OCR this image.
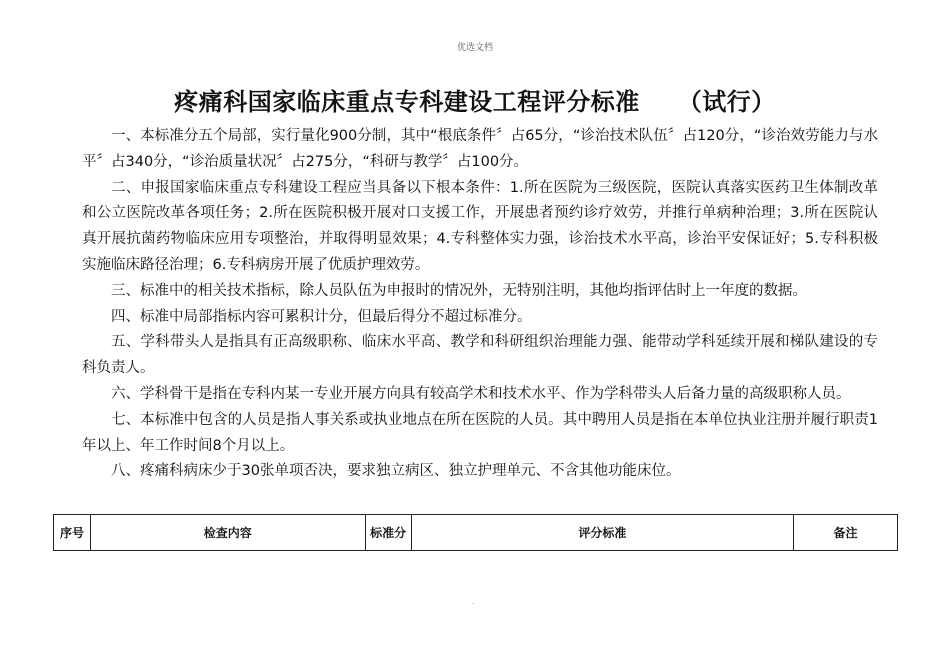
优选文档
疼痛科国家临床重点专科建设工程评分标准 （试行）

一、本标准分五个局部，实行量化900分制，其中“根底条件〞占65分，“诊治技术队伍〞占120分，“诊治效劳能力与水平〞占340分，“诊治质量状况〞占275分，“科研与教学〞占100分。

二、申报国家临床重点专科建设工程应当具备以下根本条件：1.所在医院为三级医院，医院认真落实医药卫生体制改革和公立医院改革各项任务；2.所在医院积极开展对口支援工作，开展患者预约诊疗效劳，并推行单病种治理；3.所在医院认真开展抗菌药物临床应用专项整治，并取得明显效果；4.专科整体实力强，诊治技术水平高，诊治平安保证好；5.专科积极实施临床路径治理；6.专科病房开展了优质护理效劳。

三、标准中的相关技术指标，除人员队伍为申报时的情况外，无特别注明，其他均指评估时上一年度的数据。

四、标准中局部指标内容可累积计分，但最后得分不超过标准分。

五、学科带头人是指具有正高级职称、临床水平高、教学和科研组织治理能力强、能带动学科延续开展和梯队建设的专科负责人。

六、学科骨干是指在专科内某一专业开展方向具有较高学术和技术水平、作为学科带头人后备力量的高级职称人员。

七、本标准中包含的人员是指人事关系或执业地点在所在医院的人员。其中聘用人员是指在本单位执业注册并履行职责1年以上、年工作时间8个月以上。

八、疼痛科病床少于30张单项否决，要求独立病区、独立护理单元、不含其他功能床位。

序号	检查内容	标准分	评分标准	备注
.
